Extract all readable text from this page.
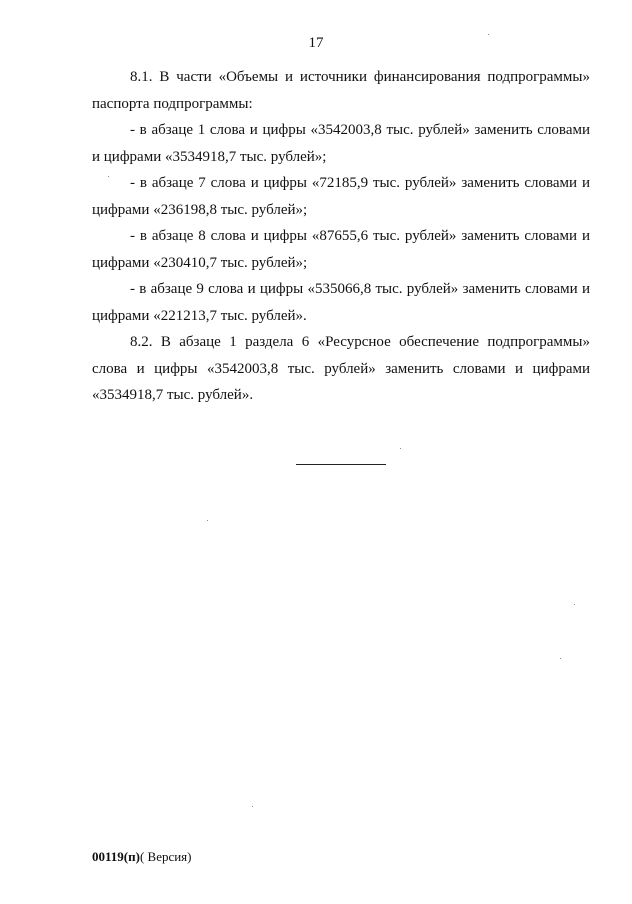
17

8.1. В части «Объемы и источники финансирования подпрограммы» паспорта подпрограммы:

- в абзаце 1 слова и цифры «3542003,8 тыс. рублей» заменить словами и цифрами «3534918,7 тыс. рублей»;

- в абзаце 7 слова и цифры «72185,9 тыс. рублей» заменить словами и цифрами «236198,8 тыс. рублей»;

- в абзаце 8 слова и цифры «87655,6 тыс. рублей» заменить словами и цифрами «230410,7 тыс. рублей»;

- в абзаце 9 слова и цифры «535066,8 тыс. рублей» заменить словами и цифрами «221213,7 тыс. рублей».

8.2. В абзаце 1 раздела 6 «Ресурсное обеспечение подпрограммы» слова и цифры «3542003,8 тыс. рублей» заменить словами и цифрами «3534918,7 тыс. рублей».

00119(п)( Версия)
